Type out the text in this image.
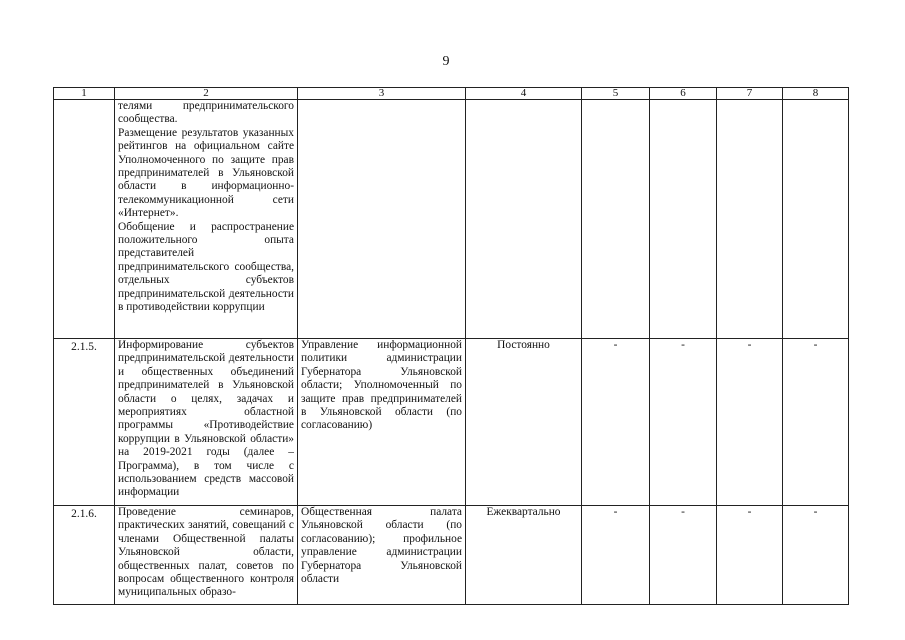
9
1	2	3	4	5	6	7	8

	телями предпринимательского сообщества.
Размещение результатов указанных рейтингов на официальном сайте Уполномоченного по защите прав предпринимателей в Ульяновской области в информационно-телекоммуникационной сети «Интернет».
Обобщение и распространение положительного опыта представителей предпринимательского сообщества, отдельных субъектов предпринимательской деятельности в противодействии коррупции						

2.1.5.	Информирование субъектов предпринимательской деятельности и общественных объединений предпринимателей в Ульяновской области о целях, задачах и мероприятиях областной программы «Противодействие коррупции в Ульяновской области» на 2019-2021 годы (далее – Программа), в том числе с использованием средств массовой информации	Управление информационной политики администрации Губернатора Ульяновской области; Уполномоченный по защите прав предпринимателей в Ульяновской области (по согласованию)	Постоянно	-	-	-	-
2.1.6.	Проведение семинаров, практических занятий, совещаний с членами Общественной палаты Ульяновской области, общественных палат, советов по вопросам общественного контроля муниципальных образо-	Общественная палата Ульяновской области (по согласованию); профильное управление администрации Губернатора Ульяновской области	Ежеквартально	-	-	-	-
